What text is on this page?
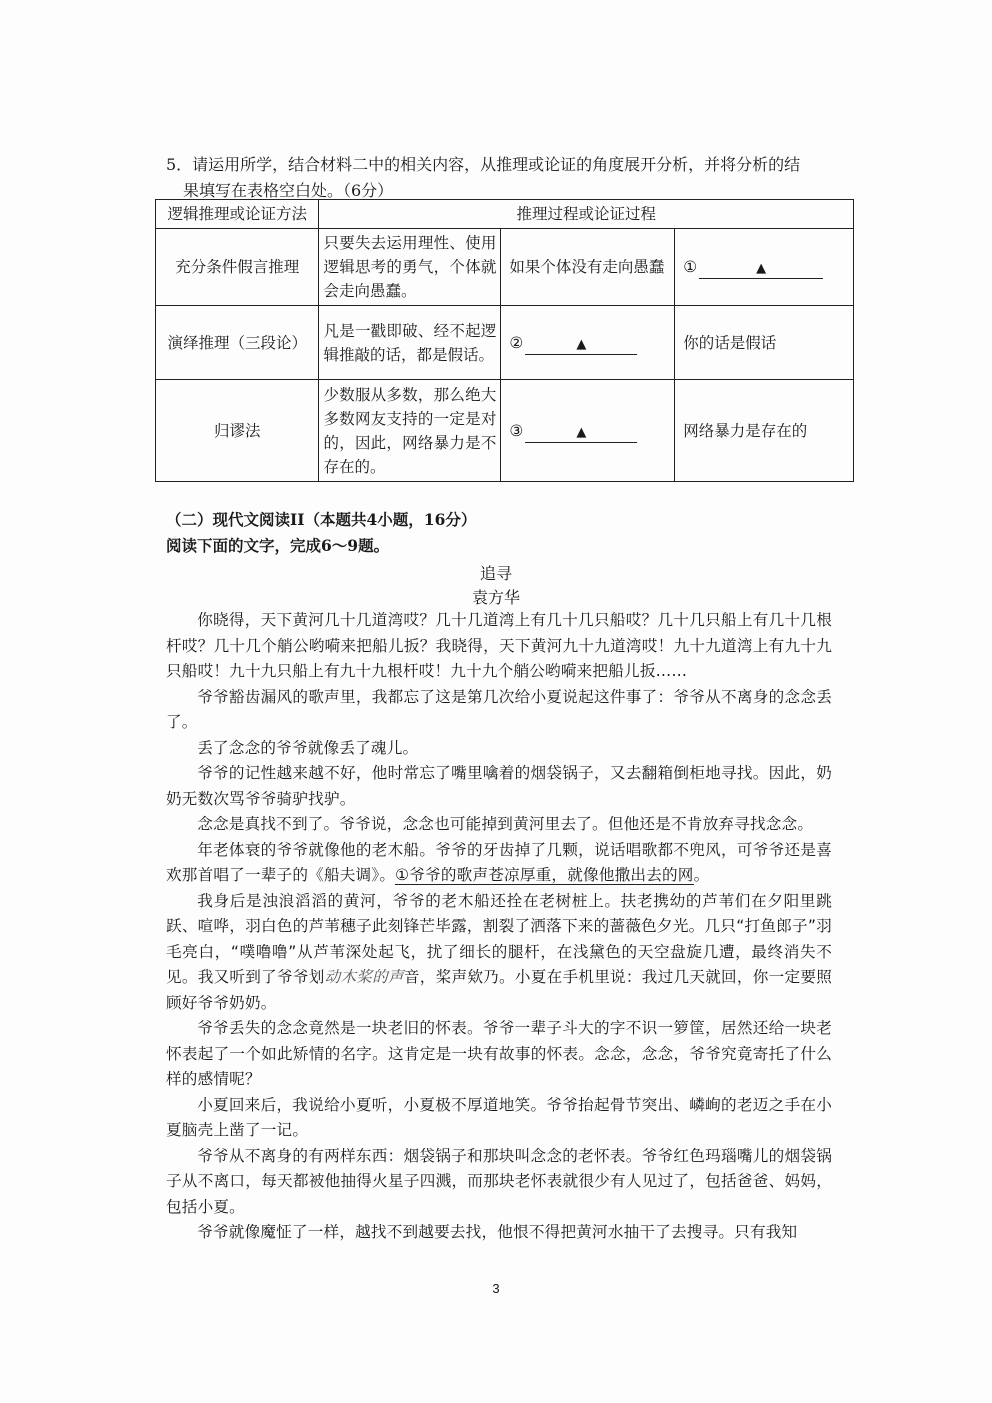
5．请运用所学，结合材料二中的相关内容，从推理或论证的角度展开分析，并将分析的结
果填写在表格空白处。（6分）
逻辑推理或论证方法	推理过程或论证过程		
充分条件假言推理	只要失去运用理性、使用逻辑思考的勇气，个体就会走向愚蠢。	如果个体没有走向愚蠢	① ▲
演绎推理（三段论）	凡是一戳即破、经不起逻辑推敲的话，都是假话。	② ▲	你的话是假话
归谬法	少数服从多数，那么绝大多数网友支持的一定是对的，因此，网络暴力是不存在的。	③ ▲	网络暴力是存在的
（二）现代文阅读II（本题共4小题，16分）
阅读下面的文字，完成6～9题。
追寻
袁方华

你晓得，天下黄河几十几道湾哎？几十几道湾上有几十几只船哎？几十几只船上有几十几根杆哎？几十几个艄公哟嗬来把船儿扳？我晓得，天下黄河九十九道湾哎！九十九道湾上有九十九只船哎！九十九只船上有九十九根杆哎！九十九个艄公哟嗬来把船儿扳……

爷爷豁齿漏风的歌声里，我都忘了这是第几次给小夏说起这件事了：爷爷从不离身的念念丢了。

丢了念念的爷爷就像丢了魂儿。

爷爷的记性越来越不好，他时常忘了嘴里噙着的烟袋锅子，又去翻箱倒柜地寻找。因此，奶奶无数次骂爷爷骑驴找驴。

念念是真找不到了。爷爷说，念念也可能掉到黄河里去了。但他还是不肯放弃寻找念念。

年老体衰的爷爷就像他的老木船。爷爷的牙齿掉了几颗，说话唱歌都不兜风，可爷爷还是喜欢那首唱了一辈子的《船夫调》。①爷爷的歌声苍凉厚重，就像他撒出去的网。

我身后是浊浪滔滔的黄河，爷爷的老木船还拴在老树桩上。扶老携幼的芦苇们在夕阳里跳跃、喧哗，羽白色的芦苇穗子此刻锋芒毕露，割裂了洒落下来的蔷薇色夕光。几只“打鱼郎子”羽毛亮白，“噗噜噜”从芦苇深处起飞，扰了细长的腿杆，在浅黛色的天空盘旋几遭，最终消失不见。我又听到了爷爷划动木桨的声音，桨声欸乃。小夏在手机里说：我过几天就回，你一定要照顾好爷爷奶奶。

爷爷丢失的念念竟然是一块老旧的怀表。爷爷一辈子斗大的字不识一箩筐，居然还给一块老怀表起了一个如此矫情的名字。这肯定是一块有故事的怀表。念念，念念，爷爷究竟寄托了什么样的感情呢？

小夏回来后，我说给小夏听，小夏极不厚道地笑。爷爷抬起骨节突出、嶙峋的老迈之手在小夏脑壳上凿了一记。

爷爷从不离身的有两样东西：烟袋锅子和那块叫念念的老怀表。爷爷红色玛瑙嘴儿的烟袋锅子从不离口，每天都被他抽得火星子四溅，而那块老怀表就很少有人见过了，包括爸爸、妈妈，包括小夏。

爷爷就像魔怔了一样，越找不到越要去找，他恨不得把黄河水抽干了去搜寻。只有我知

3
